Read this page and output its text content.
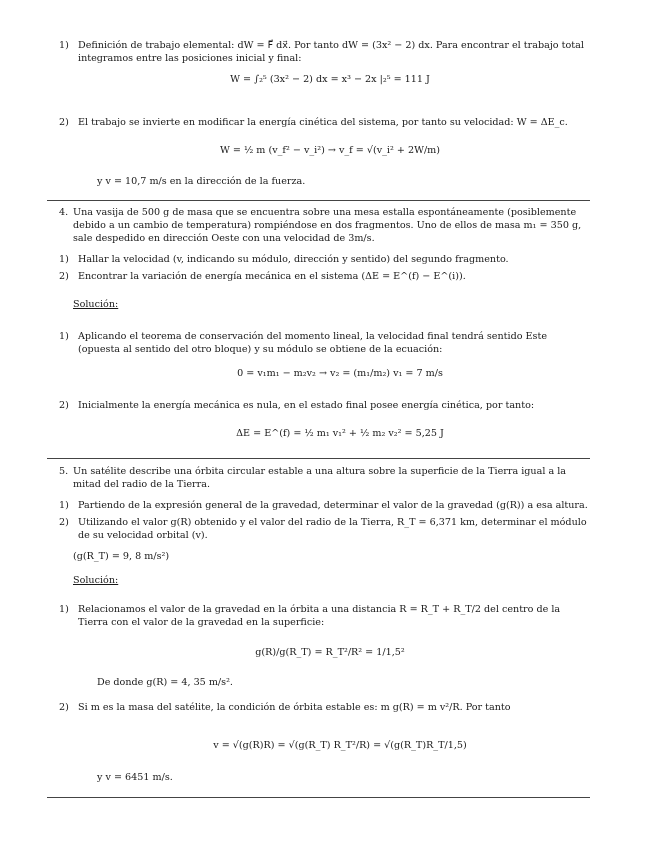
1) Definición de trabajo elemental: dW = F⃗ dx⃗. Por tanto dW = (3x² − 2) dx. Para encontrar el trabajo total integramos entre las posiciones inicial y final:
W = ∫₂⁵ (3x² − 2) dx = x³ − 2x |₂⁵ = 111 J
2) El trabajo se invierte en modificar la energía cinética del sistema, por tanto su velocidad: W = ΔE_c.
W = ½ m (v_f² − v_i²) → v_f = √(v_i² + 2W/m)
y v = 10,7 m/s en la dirección de la fuerza.
4. Una vasija de 500 g de masa que se encuentra sobre una mesa estalla espontáneamente (posiblemente debido a un cambio de temperatura) rompiéndose en dos fragmentos. Uno de ellos de masa m₁ = 350 g, sale despedido en dirección Oeste con una velocidad de 3m/s.
1) Hallar la velocidad (v, indicando su módulo, dirección y sentido) del segundo fragmento.
2) Encontrar la variación de energía mecánica en el sistema (ΔE = E^(f) − E^(i)).
Solución:
1) Aplicando el teorema de conservación del momento lineal, la velocidad final tendrá sentido Este (opuesta al sentido del otro bloque) y su módulo se obtiene de la ecuación:
0 = v₁m₁ − m₂v₂ → v₂ = (m₁/m₂) v₁ = 7 m/s
2) Inicialmente la energía mecánica es nula, en el estado final posee energía cinética, por tanto:
ΔE = E^(f) = ½ m₁ v₁² + ½ m₂ v₂² = 5,25 J
5. Un satélite describe una órbita circular estable a una altura sobre la superficie de la Tierra igual a la mitad del radio de la Tierra.
1) Partiendo de la expresión general de la gravedad, determinar el valor de la gravedad (g(R)) a esa altura.
2) Utilizando el valor g(R) obtenido y el valor del radio de la Tierra, R_T = 6,371 km, determinar el módulo de su velocidad orbital (v).
(g(R_T) = 9, 8 m/s²)
Solución:
1) Relacionamos el valor de la gravedad en la órbita a una distancia R = R_T + R_T/2 del centro de la Tierra con el valor de la gravedad en la superficie:
g(R)/g(R_T) = R_T²/R² = 1/1,5²
De donde g(R) = 4, 35 m/s².
2) Si m es la masa del satélite, la condición de órbita estable es: m g(R) = m v²/R. Por tanto
v = √(g(R)R) = √(g(R_T) R_T²/R) = √(g(R_T)R_T/1,5)
y v = 6451 m/s.
